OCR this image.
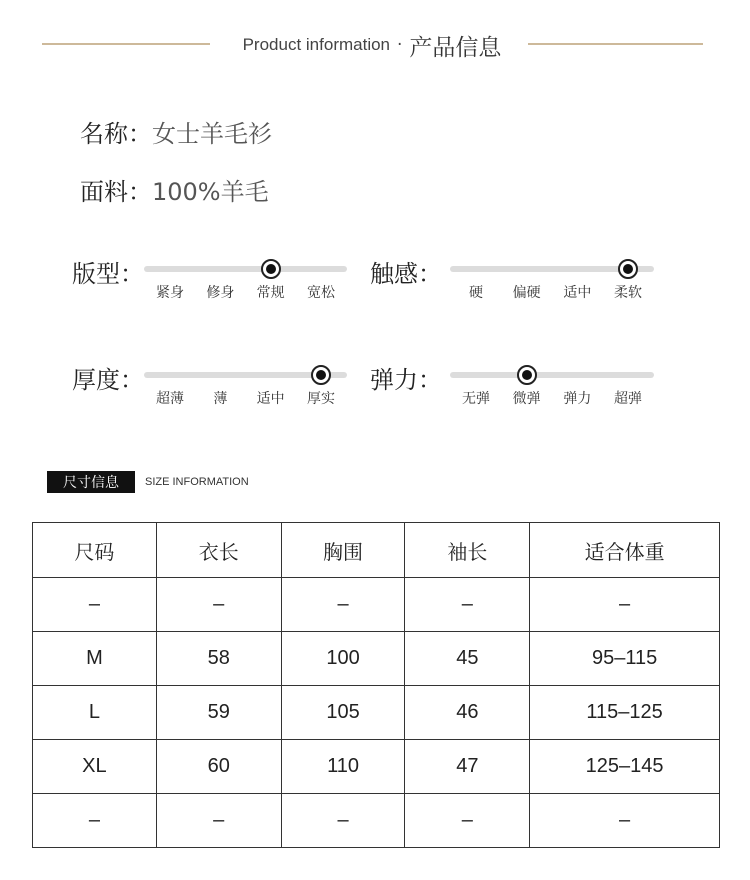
Product information · 产品信息
名称：女士羊毛衫
面料：100%羊毛
版型：
紧身 修身 常规 宽松
触感：
硬 偏硬 适中 柔软
厚度：
超薄 薄 适中 厚实
弹力：
无弹 微弹 弹力 超弹
尺寸信息	SIZE INFORMATION
尺码	衣长	胸围	袖长	适合体重
–	–	–	–	–
M	58	100	45	95–115
L	59	105	46	115–125
XL	60	110	47	125–145
–	–	–	–	–
